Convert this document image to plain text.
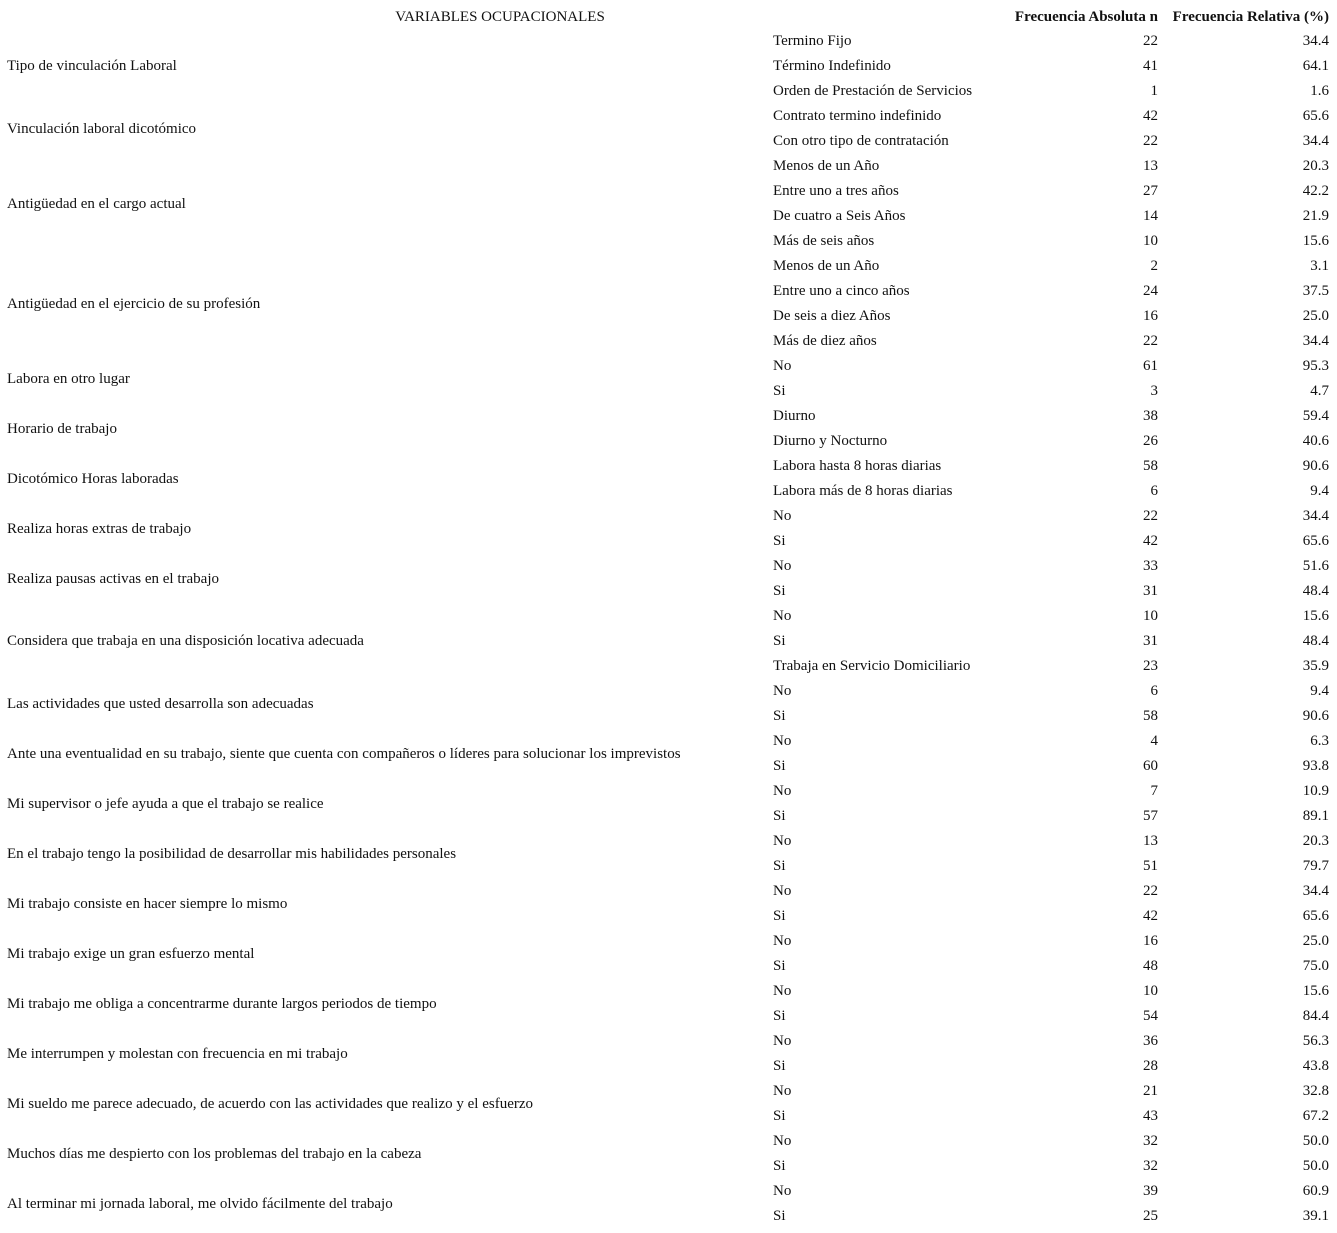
VARIABLES OCUPACIONALES	Frecuencia Absoluta n Frecuencia Relativa (%)
Tipo de vinculación Laboral
Termino Fijo	22	34.4
Término Indefinido	41	64.1
Orden de Prestación de Servicios	1	1.6
Vinculación laboral dicotómico
Contrato termino indefinido	42	65.6
Con otro tipo de contratación	22	34.4
Antigüedad en el cargo actual
Menos de un Año	13	20.3
Entre uno a tres años	27	42.2
De cuatro a Seis Años	14	21.9
Más de seis años	10	15.6
Antigüedad en el ejercicio de su profesión
Menos de un Año	2	3.1
Entre uno a cinco años	24	37.5
De seis a diez Años	16	25.0
Más de diez años	22	34.4
Labora en otro lugar
No	61	95.3
Si	3	4.7
Horario de trabajo
Diurno	38	59.4
Diurno y Nocturno	26	40.6
Dicotómico Horas laboradas
Labora hasta 8 horas diarias	58	90.6
Labora más de 8 horas diarias	6	9.4
Realiza horas extras de trabajo
No	22	34.4
Si	42	65.6
Realiza pausas activas en el trabajo
No	33	51.6
Si	31	48.4
Considera que trabaja en una disposición locativa adecuada
No	10	15.6
Si	31	48.4
Trabaja en Servicio Domiciliario	23	35.9
Las actividades que usted desarrolla son adecuadas
No	6	9.4
Si	58	90.6
Ante una eventualidad en su trabajo, siente que cuenta con compañeros o líderes para solucionar los imprevistos
No	4	6.3
Si	60	93.8
Mi supervisor o jefe ayuda a que el trabajo se realice
No	7	10.9
Si	57	89.1
En el trabajo tengo la posibilidad de desarrollar mis habilidades personales
No	13	20.3
Si	51	79.7
Mi trabajo consiste en hacer siempre lo mismo
No	22	34.4
Si	42	65.6
Mi trabajo exige un gran esfuerzo mental
No	16	25.0
Si	48	75.0
Mi trabajo me obliga a concentrarme durante largos periodos de tiempo
No	10	15.6
Si	54	84.4
Me interrumpen y molestan con frecuencia en mi trabajo
No	36	56.3
Si	28	43.8
Mi sueldo me parece adecuado, de acuerdo con las actividades que realizo y el esfuerzo
No	21	32.8
Si	43	67.2
Muchos días me despierto con los problemas del trabajo en la cabeza
No	32	50.0
Si	32	50.0
Al terminar mi jornada laboral, me olvido fácilmente del trabajo
No	39	60.9
Si	25	39.1
